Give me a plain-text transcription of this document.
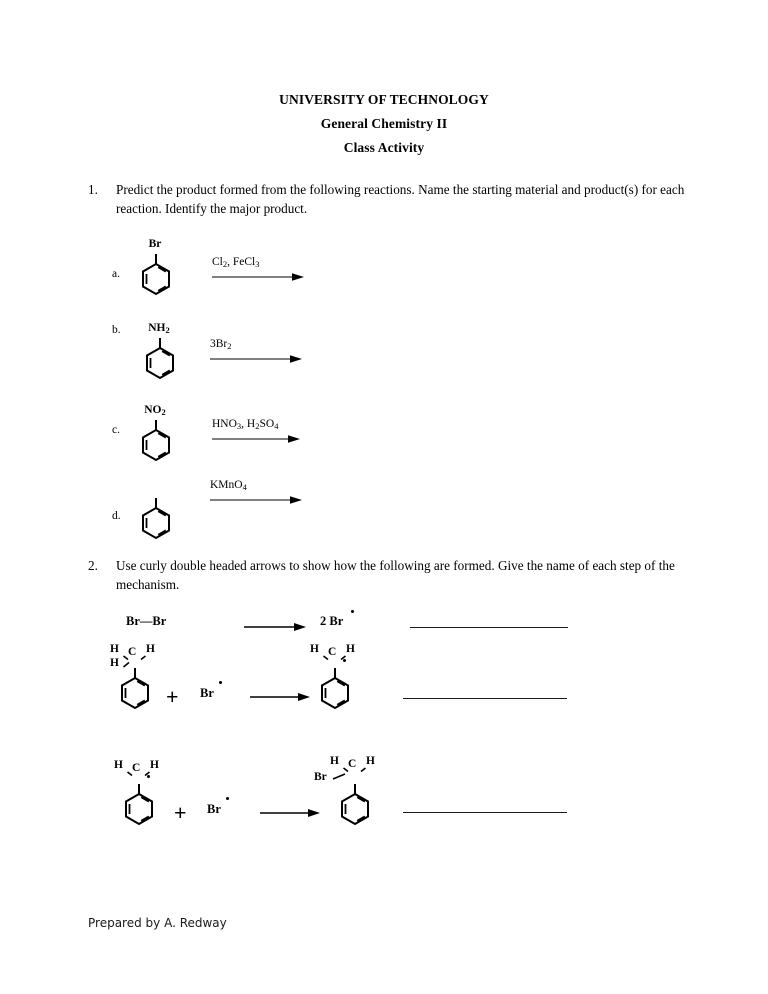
UNIVERSITY OF TECHNOLOGY
General Chemistry II
Class Activity
1.	Predict the product formed from the following reactions. Name the starting material and product(s) for each reaction. Identify the major product.
a.
Br
$Cl_2$, FeCl$_3$
b.	$NH_2$
$3Br_2$
c.
$NO_2$
$HNO_3$, $H_2SO_4$
d.
KMnO$_4$
2.	Use curly double headed arrows to show how the following are formed. Give the name of each step of the mechanism.
Br—Br	2 Br
H C H
H
+ Br
H C H
H C H
+ Br
H C H
Br
Prepared by A. Redway
